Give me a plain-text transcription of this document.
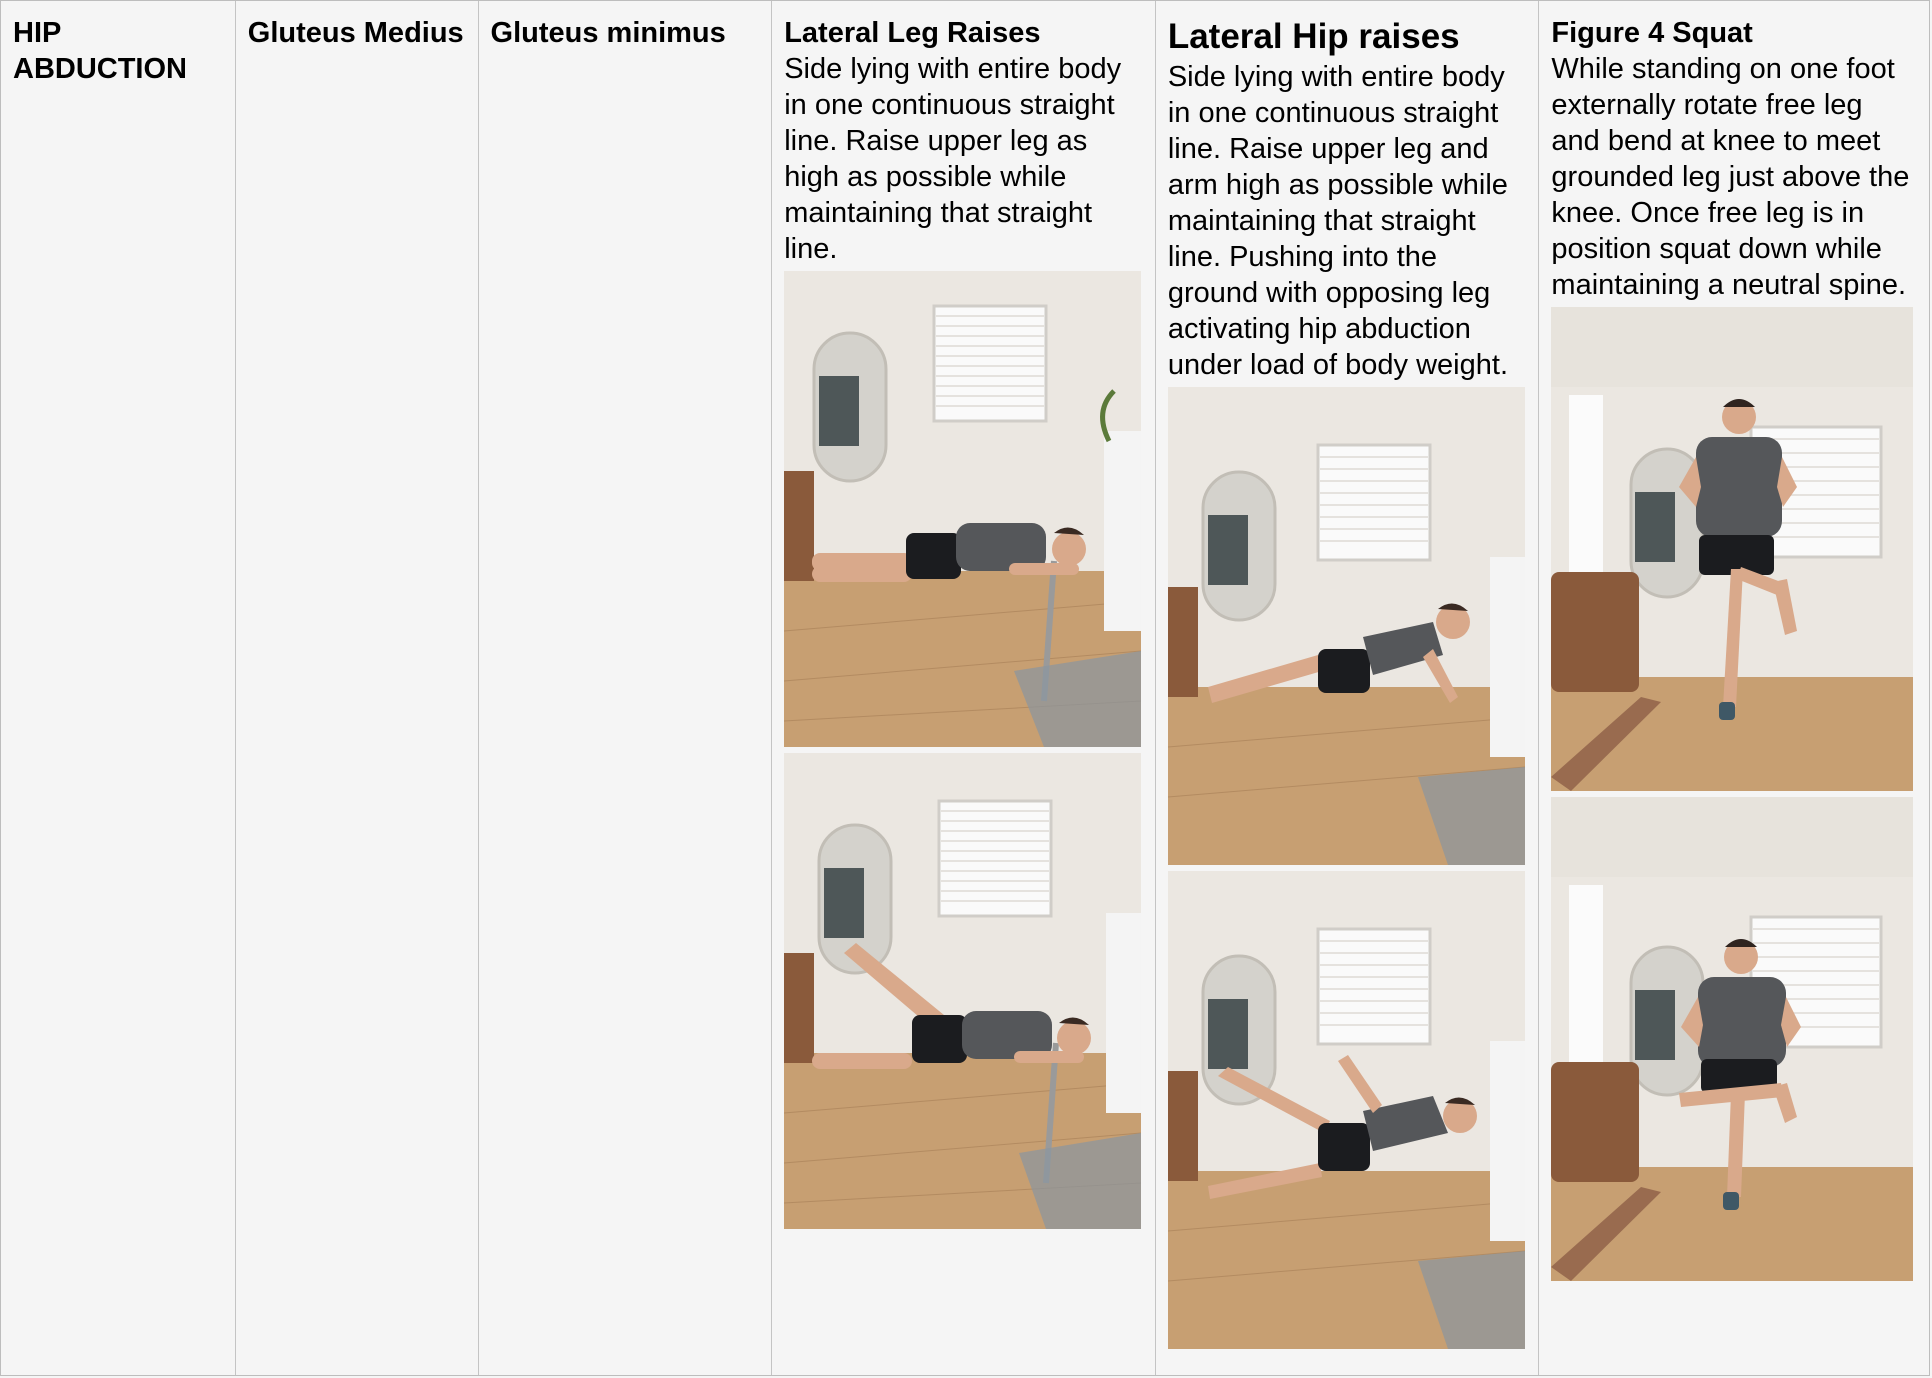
HIP ABDUCTION
Gluteus Medius Gluteus minimus	Lateral Leg Raises

Side lying with entire body in one continuous straight line. Raise upper leg as high as possible while maintaining that straight line.

Lateral Hip raises

Side lying with entire body in one continuous straight line. Raise upper leg and arm high as possible while maintaining that straight line. Pushing into the ground with opposing leg activating hip abduction under load of body weight.

Figure 4 Squat

While standing on one foot externally rotate free leg and bend at knee to meet grounded leg just above the knee. Once free leg is in position squat down while maintaining a neutral spine.
